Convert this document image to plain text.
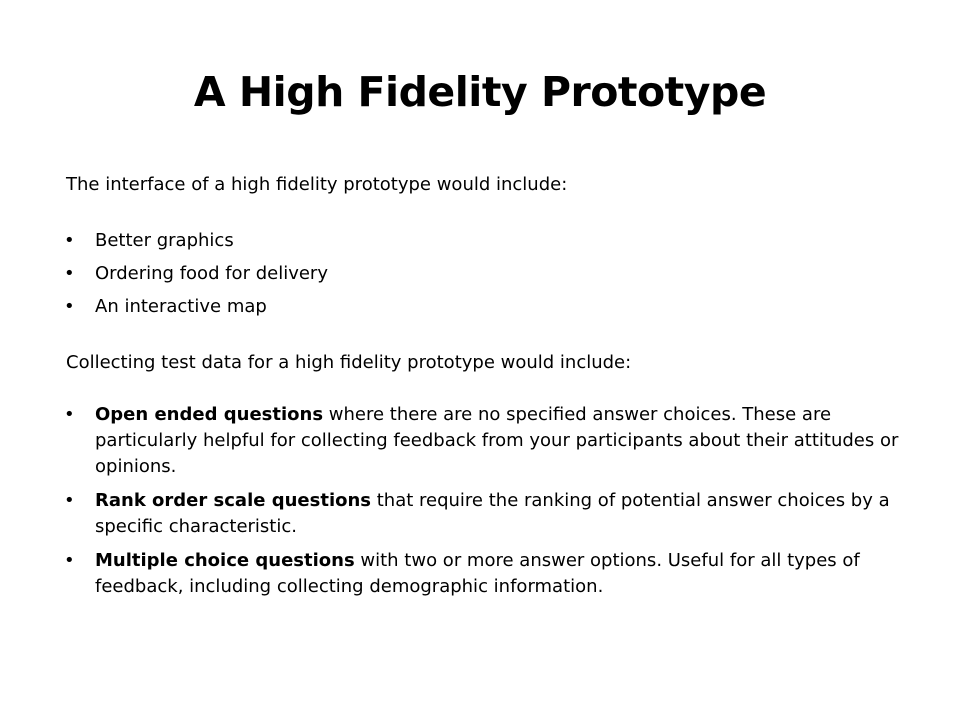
A High Fidelity Prototype

The interface of a high fidelity prototype would include:

• Better graphics
• Ordering food for delivery
• An interactive map

Collecting test data for a high fidelity prototype would include:

• Open ended questions where there are no specified answer choices. These are particularly helpful for collecting feedback from your participants about their attitudes or opinions.
• Rank order scale questions that require the ranking of potential answer choices by a specific characteristic.
• Multiple choice questions with two or more answer options. Useful for all types of feedback, including collecting demographic information.
